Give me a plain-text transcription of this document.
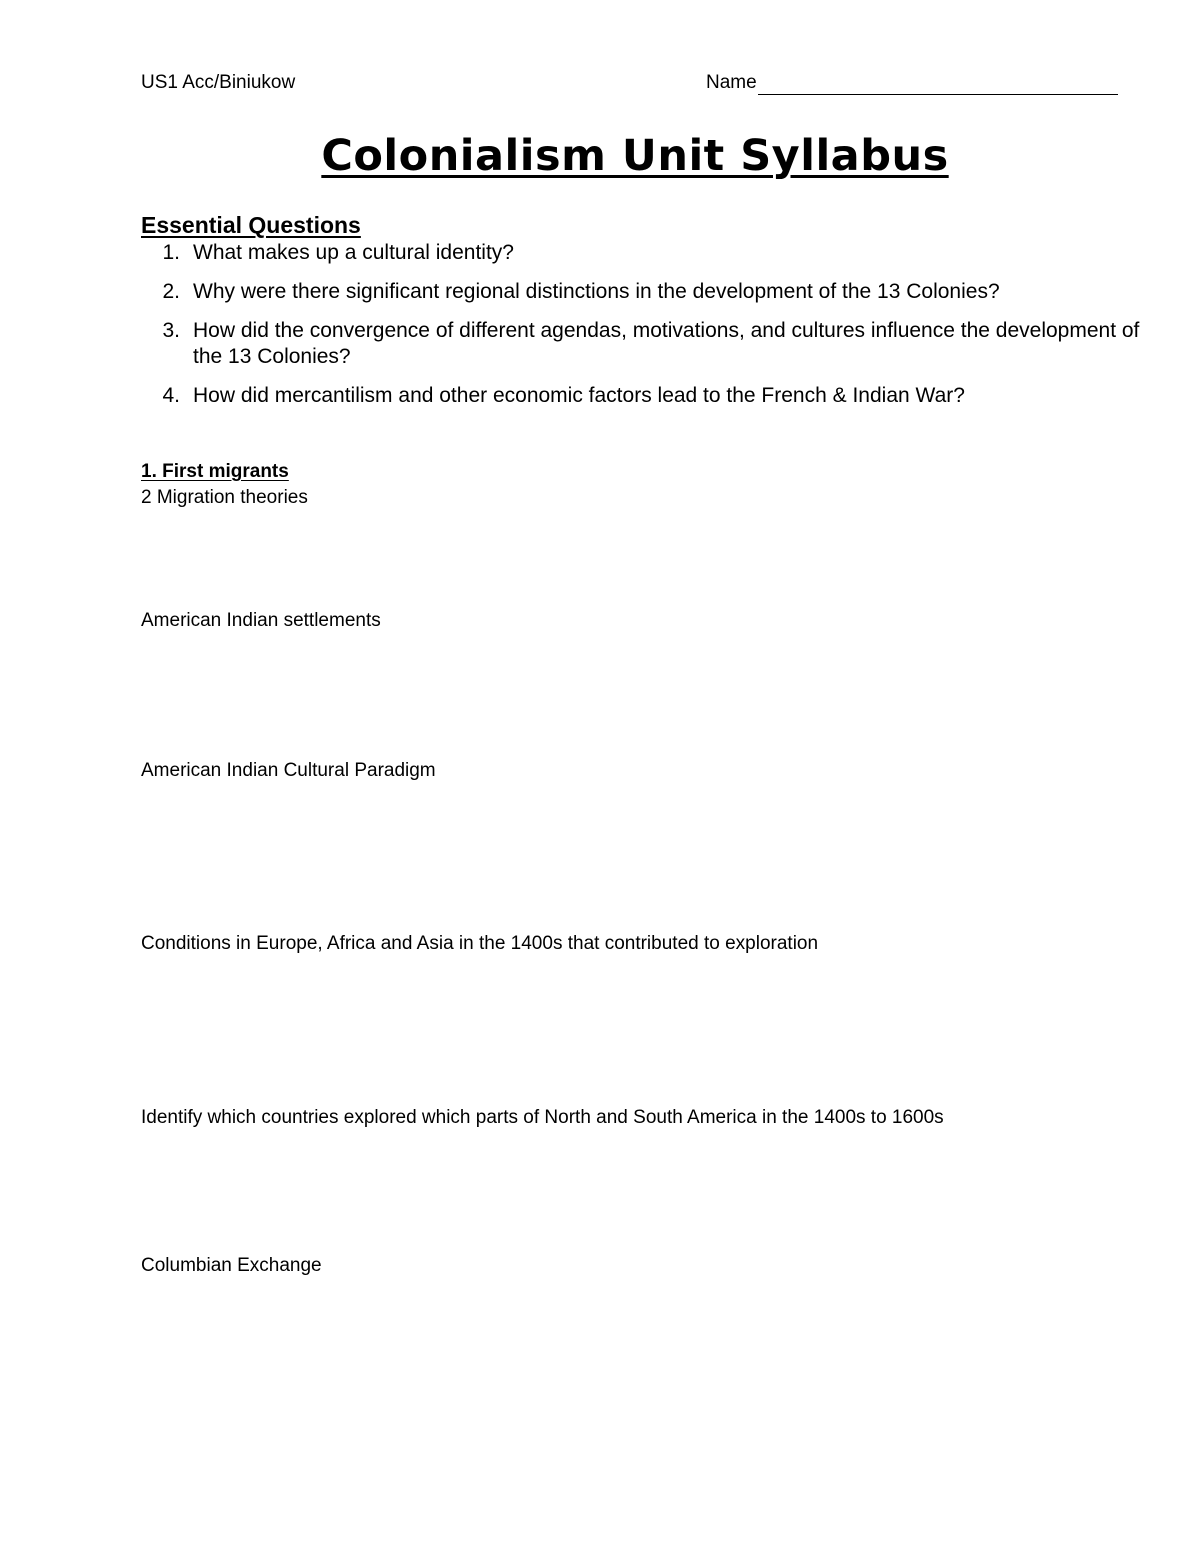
US1 Acc/Biniukow	Name
Colonialism Unit Syllabus
Essential Questions
1. What makes up a cultural identity?
2. Why were there significant regional distinctions in the development of the 13 Colonies?
3. How did the convergence of different agendas, motivations, and cultures influence the development of the 13 Colonies?
4. How did mercantilism and other economic factors lead to the French & Indian War?
1. First migrants
2 Migration theories
American Indian settlements
American Indian Cultural Paradigm
Conditions in Europe, Africa and Asia in the 1400s that contributed to exploration
Identify which countries explored which parts of North and South America in the 1400s to 1600s
Columbian Exchange
